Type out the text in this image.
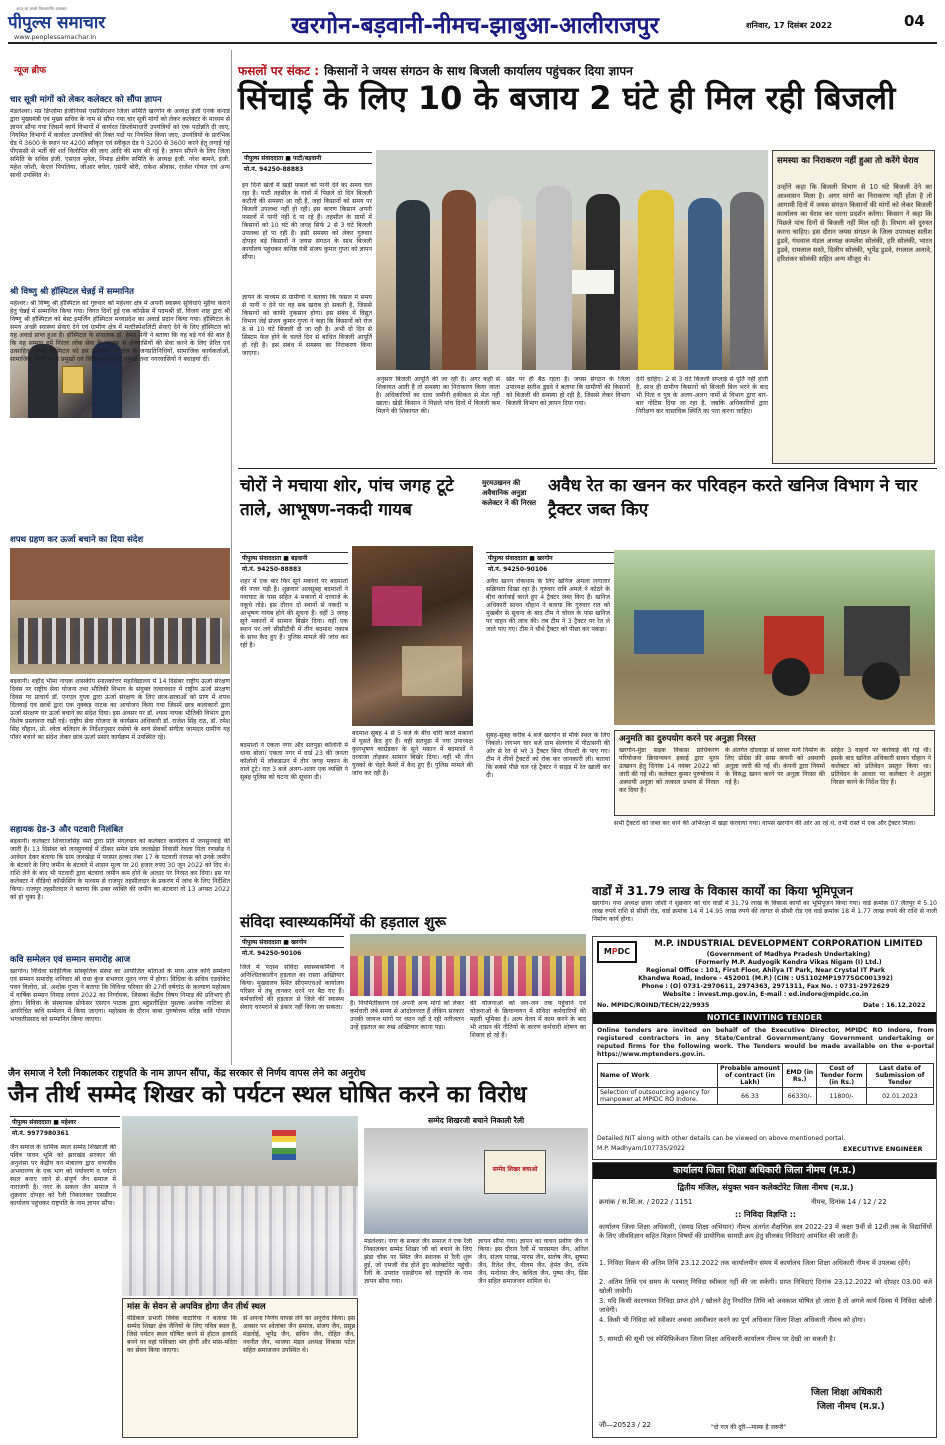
आज का सबसे विश्वसनीय अखबार
पीपुल्स समाचार
www.peoplessamachar.in	खरगोन-बड़वानी-नीमच-झाबुआ-आलीराजपुर	शनिवार, 17 दिसंबर 2022	04
न्यूज ब्रीफ
चार सूत्री मांगों को लेकर कलेक्टर को सौंपा ज्ञापन
मंडलेश्वर। मप्र डिप्लोमा इंजीनियर्स एसोसिएशन जिला समिति खरगोन के अध्यक्ष इंजी एनके कनाडे द्वारा मुख्यमंत्री एवं मुख्य सचिव के नाम से सौंपा गया चार सूत्री मांगों को लेकर कलेक्टर के माध्यम से ज्ञापन सौंपा गया जिसमें कार्य विभागों में कार्यरत डिप्लोमाधारी उपयंत्रियों को एक पदोन्नति दी जाए, नियमित विभागों में कार्यरत उपयंत्रियों की रिक्त पदों पर नियमित किया जाए, उपयंत्रियों के प्रारंभिक ग्रेड पे 3600 के स्थान पर 4200 स्वीकृत एवं स्वीकृत ग्रेड पे 3200 से 3600 करने हेतु लगाई गई पीएससी से भर्ती की शर्त विलोपित की जाए आदि की मांग की गई है। ज्ञापन सौंपने के लिए जिला समिति के सचिव इंजी. एसएल मुवेल, निमाड़ क्षेत्रीय समिति के अध्यक्ष इंजी. नरेश बामने, इंजी. महेश जोशी, केएल पिपलिया, जीआर बघेल, एसपी बोरी, राकेश श्रीवास, राजेश गोयल एवं अन्य साथी उपस्थित थे।
श्री विष्णु श्री हॉस्पिटल चेन्नई में सम्मानित
महेश्वर। श्री विष्णु श्री हॉस्पिटल को गुरुवार को महेश्वर क्षेत्र में अपनी स्वास्थ्य सुविधाएं मुहैया कराने हेतु चेन्नई में सम्मानित किया गया। विगत दिनों हुई एक कॉन्फ्रेंस में पदमश्री डॉ. विजय शाह द्वारा श्री विष्णु श्री हॉस्पिटल को बेस्ट इमर्जिंग हॉस्पिटल मध्यप्रदेश का अवार्ड प्रदान किया गया। हॉस्पिटल के समय अच्छी स्वास्थ्य सेवाएं देने एवं ग्रामीण क्षेत्र में मल्टीस्पेशलिटी सेवाएं देने के लिए हॉस्पिटल को यह अवार्ड प्राप्त हुआ है। हॉस्पिटल के संचालक डॉ. हेमंत सेनी ने बताया कि यह बड़े गर्व की बात है कि यह सम्मान हमें निरंतर लोक सेवा के माध्यम से क्षेत्रवासियों की सेवा करने के लिए प्रेरित एवं उत्साहित करेगा। हॉस्पिटल को इस उपलब्धि पर क्षेत्र के जनप्रतिनिधियों, सामाजिक कार्यकर्ताओं, सामाजिक संस्थाओं के प्रमुखों एवं चिकित्सा क्षेत्र के प्रमुखों तथा नगरवासियों ने बधाइयां दीं।
शपथ ग्रहण कर ऊर्जा बचाने का दिया संदेश
बड़वानी। शहीद भीमा नायक शासकीय स्नातकोत्तर महाविद्यालय में 14 दिसंबर राष्ट्रीय ऊर्जा संरक्षण दिवस पर राष्ट्रीय सेवा योजना तथा भौतिकी विभाग के संयुक्त तत्वावधान में राष्ट्रीय ऊर्जा संरक्षण दिवस पर प्राचार्य डॉ. एनएल गुप्ता द्वारा ऊर्जा संरक्षण के लिए छात्र-छात्राओं को प्राण में शपथ दिलवाई एवं छात्रों द्वारा एक नुक्कड़ नाटक का आयोजन किया गया जिसमें छात्र कलाकारों द्वारा ऊर्जा संरक्षण पर ऊर्जा बचाने का संदेश दिया। इस अवसर पर डॉ. श्याम नायक भौतिकी विभाग द्वारा विशेष प्रस्तावना रखी गई। राष्ट्रीय सेवा योजना के कार्यक्रम अधिकारी डॉ. राजेश सिंह राठ, डॉ. रमेश सिंह चौहान, प्रो. श्वेता बलिदार के निर्देशानुसार रासेयो के स्वयं सेवकों संगीता जामदार ग्रामीण यह पॉवर बचाने का संदेश लेकर छात्र ऊर्जा प्रसार कार्यक्रम में उपस्थित रहे।
सहायक ग्रेड-3 और पटवारी निलंबित
बड़वानी। कलेक्टर शिवराजसिंह वर्मा द्वारा प्रति मंगलवार को कलेक्टर कार्यालय में जनसुनवाई की जाती है। 13 दिसंबर को जनसुनवाई में ठीकर समेत ग्राम जलखेड़ा निवासी रेवला पिता रणछोड़ ने आवेदन देकर बताया कि ग्राम जलखेड़ा में परस्पर हल्का नंबर 17 के पटवारी नरगस को उनके जमीन के बंटवारे के लिए जमीन के बंटवारे में शासन मूल्य पर 20 हजार रुपए 30 जून 2022 को दिए थे। राशि लेने के बाद भी पटवारी द्वारा बंटवारा जमीन कम होने के आधार पर निरस्त कर दिया। इस पर कलेक्टर ने वीडियो कॉन्फ्रेंसिंग के माध्यम से राजपुर तहसीलदार के प्रकरण में जांच के लिए निर्देशित किया। राजपुर तहसीलदार ने बताया कि उक्त व्यक्ति की जमीन का बंटवारा तो 13 अगस्त 2022 को हो चुका है।
कवि सम्मेलन एवं सम्मान समारोह आज
खरगोन। विधिवा साहित्यिक सांस्कृतिक संस्था का आयोजित श्रोताओं के मध्य आज कवि सम्मेलन एवं सम्मान समारोह शनिवार श्री राधा कुंज सभागार नूतन नगर में होगा। विधिवा के सचिव एडवोकेट पवन विलोरा, प्रो. अशोक गुप्ता ने बताया कि विविधा परिवार की 27वीं वर्षगांठ के कल्याण महोत्सव में वार्षिक सम्मान निमाड़ लगान 2022 का निर्णायक, जिसका केंद्रीय विषय निमाड़ की प्रतिभाएं ही होगा। विविधा के संस्थापक प्रोफेसर एसएन पाठक द्वारा बहुप्रतीक्षित पुस्तक अशोक नाटिका से अपरिचित कवि सम्मेलन में किया जाएगा। महोत्सव के दौरान बाबा पुरुषोत्तम वरिष्ठ कवि गोपाल भगवतीप्रसाद को सम्मानित किया जाएगा।
फसलों पर संकट : किसानों ने जयस संगठन के साथ बिजली कार्यालय पहुंचकर दिया ज्ञापन
सिंचाई के लिए 10 के बजाय 2 घंटे ही मिल रही बिजली
पीपुल्स संवाददाता ■ पाटी/बड़वानी
मो.नं. 94250-88883
इन दिनों खेतों में खड़ी फसलें को पानी देने का समय चल रहा है। पाटी तहसील के गांवों में पिछले दो दिन बिजली कटौती की समस्या आ रही है, जहां किसानों को समय पर बिजली उपलब्ध नहीं हो रही। इस कारण किसान अपनी फसलों में पानी नहीं दे पा रहे हैं। तहसील के ग्रामों में किसानों को 10 घंटे की जगह सिर्फ 2 से 3 घंटे बिजली उपलब्ध हो पा रही है। इसी समस्या को लेकर गुरुवार दोपहर बड़े किसानों ने जयस संगठन के साथ बिजली कार्यालय पहुंचकर कनिष्ठ यंत्री संजय कुमार गुप्ता को ज्ञापन सौंपा।
ज्ञापन के माध्यम से ग्रामीणों ने बताया कि फसल में समय से पानी न देने पर वह सब खराब हो सकती है, जिससे किसानों को काफी नुकसान होगा। इस संबंध में विद्युत विभाग जेई संजय कुमार गुप्ता ने कहा कि किसानों को रोज 8 से 10 घंटे बिजली दी जा रही है। अभी दो दिन से सिस्टम फेल होने के चलते दिन से बाधित बिजली आपूर्ति हो रही है। इस संबंध में समस्या का निराकरण किया जाएगा।
अनुसार बिजली आपूर्ति की जा रही है। अगर कहीं से शिकायत आती है तो समस्या का निराकरण किया जाता है। अधिकारियों का दावा जमीनी हकीकत से मेल नहीं खाता। खेड़ी किसान ने पिछले पांच दिनों में बिजली कम मिलने की शिकायत की।
खेत पर ही बैठ रहता है। जयस संगठन के जिला उपाध्यक्ष सतीश डुडवे ने बताया कि ग्रामीणों की किसानों को बिजली की समस्या हो रही है, जिससे लेकर विभाग बिजली विभाग को ज्ञापन दिया गया।
देनी चाहिए। 2 से 3 घंटे बिजली सप्लाई से पूर्ति नहीं होती है, साथ ही ग्रामीण किसानों को बिजली बिल भरने के बाद भी पिता व पुत्र के अलग-अलग नामों से विभाग द्वारा बार-बार नोटिस दिया जा रहा है, जबकि अधिकारियों द्वारा निरीक्षण कर वास्तविक स्थिति का पता करना चाहिए।
समस्या का निराकरण नहीं हुआ तो करेंगे घेराव
उन्होंने कहा कि बिजली विभाग से 10 घंटे बिजली देने का आश्वासन मिला है। अगर मांगों का निराकरण नहीं होता है तो आगामी दिनों में जयस संगठन किसानों की मांगों को लेकर बिजली कार्यालय का घेराव कर धरना प्रदर्शन करेगा। किसान ने कहा कि पिछले पांच दिनों से बिजली नहीं मिल रही है। विभाग को दुरुस्त करना चाहिए। इस दौरान जयस संगठन के जिला उपाध्यक्ष सतीश डुडवे, गंधवाल मंडल अध्यक्ष कमलेश सोलंकी, हरि सोलंकी, भारत डुडवे, रामलाल सस्ते, दिलीप सोलंकी, भूपेंद्र डुडवे, रंगलाल अलावे, हरिशंकर सोलंकी सहित अन्य मौजूद थे।
चोरों ने मचाया शोर, पांच जगह टूटे ताले, आभूषण-नकदी गायब
पीपुल्स संवाददाता ■ बड़वानी
मो.नं. 94250-88883
शहर में एक बार फिर सूने मकानों पर बदमाशों की नजर पड़ी है। शुक्रवार अलसुबह बदमाशों ने नवाघाट के पास सहित 4 मकानों में दरवाजे के नकूचे तोड़े। इस दौरान दो स्थानों से नकदी व आभूषण गायब होने की सूचना है। वहीं 3 जगह सूने मकानों में सामान बिखेर दिया। वहीं एक स्थान पर लगे सीसीटीवी में तीन बदमाश नकाब के साथ कैद हुए हैं। पुलिस मामले की जांच कर रही है।
बदमाशों ने एकता नगर और सतपुड़ा कॉलोनी में धावा बोला। एकता नगर में वार्ड 23 की जनता कॉलोनी में लॉकडाउन में तीन जगह मकान के ताले टूटे। रात 3 बजे अलग-अलग एक व्यक्ति ने सुबह पुलिस को घटना की सूचना दी।
बदमाश सुबह 4 से 5 बजे के बीच चोरी करते मकानों में घुसते कैद हुए हैं। वहीं सतपुड़ा में नया उपाध्यक्ष कुलभूषण काग्रेडकर के सूने मकान में बदमाशों ने दरवाजा तोड़कर सामान बिखेर दिया। वहीं भी तीन युवकों के चेहरे कैमरे में कैद हुए हैं। पुलिस मामले की जांच कर रही है।
मुरमउखनन की अवैधानिक अनुज्ञा कलेक्टर ने की निरस्त
अवैध रेत का खनन कर परिवहन करते खनिज विभाग ने चार ट्रैक्टर जब्त किए
पीपुल्स संवाददाता ■ खरगोन
मो.नं. 94250-90106
अवैध खनन रोकथाम के लिए खनिज अमला लगातार सक्रियता दिखा रहा है। गुरुवार रात्रि अमले ने कोठरे के बीच कार्रवाई करते हुए 4 ट्रैक्टर जब्त किए हैं। खनिज अधिकारी सावन चौहान ने बताया कि गुरुवार रात को मुखबीर से सूचना के बाद टीम ने चोरल के पास खनिज पर वाहन की जांच की। तब टीम ने 3 ट्रैक्टर पर रेत ले जाते पाए गए। टीम ने चौथे ट्रैक्टर को पीछा कर पकड़ा।
अनुमति का दुरुपयोग करने पर अनुज्ञा निरस्त
खरगोन-मुंडा सड़क विकास प्राधिकरण परियोजना क्रियान्वयन इकाई द्वारा मुरम उत्खनन हेतु दिनांक 14 नवंबर 2022 को जारी की गई थी। कलेक्टर कुमार पुरुषोत्तम ने अस्थायी अनुज्ञा को तत्काल प्रभाव से निरस्त कर दिया है।
के अंतर्गत दोंदवाड़ा से सरवर मार्ग निर्माण के लिए प्रोग्रेस फ्री सास कंपनी को अस्थायी अनुज्ञा जारी की गई थी। कंपनी द्वारा नियमों के विरुद्ध खनन करने पर अनुज्ञा निरस्त की गई है।
सहित 3 वाहनों पर कार्रवाई की गई थी। इसके बाद खनिज अधिकारी सावन चौहान ने कलेक्टर को प्रतिवेदन प्रस्तुत किया था। प्रतिवेदन के आधार पर कलेक्टर ने अनुज्ञा निरस्त करने के निर्देश दिए हैं।
सुबह-सुबह करीब 4 बजे खरगोन से मौके स्थल के लिए निकले। लगभग चार बजे ग्राम सेलगांव में पीठासनी की ओर से रेत से भरे 3 ट्रैक्टर बिना रॉयल्टी के पाए गए। टीम ने तीनों ट्रैक्टरों को रोक कर जानकारी ली। बताया कि सबसे पीछे चल रहे ट्रैक्टर ने साइड में रेत खाली कर दी।
सभी ट्रैक्टरों को जब्त कर थाने की अभिरक्षा में खड़ा करवाया गया। वापस खरगोन की ओर आ रहे थे, तभी रास्ते में एक और ट्रैक्टर मिला।
वार्डों में 31.79 लाख के विकास कार्यों का किया भूमिपूजन
खरगोन। नपा अध्यक्ष छाया जोशी ने शुक्रवार को चार वार्डों में 31.79 लाख के विकास कार्यों का भूमिपूजन किया गया। वार्ड क्रमांक 07 जैतपुर में 5.10 लाख रुपये राशि से सीसी रोड, वार्ड क्रमांक 14 में 14.95 लाख रुपये की लागत से सीसी रोड एवं वार्ड क्रमांक 18 में 1.77 लाख रुपये की राशि से नाली निर्माण कार्य होगा।
संविदा स्वास्थ्यकर्मियों की हड़ताल शुरू
पीपुल्स संवाददाता ■ खरगोन
मो.नं. 94250-90106
जिले में पदस्थ संविदा स्वास्थ्यकर्मियों ने अनिश्चितकालीन हड़ताल का रास्ता अख्तियार किया। मुख्यालय स्थित सीएमएचओ कार्यालय परिसर में तंबू तानकर धरने पर बैठ गए हैं। कर्मचारियों की हड़ताल से जिले की स्वास्थ्य सेवाएं चरमराने से इंकार नहीं किया जा सकता।
हैं। नियमितीकरण एवं अपनी अन्य मांगों को लेकर कर्मचारी लंबे समय से आंदोलनरत हैं लेकिन सरकार उनकी जायज मांगों पर ध्यान नहीं दे रही नतीजतन उन्हें हड़ताल का रुख अख्तियार करना पड़ा।
की योजनाओं को जन-जन तक पहुंचाने एवं योजनाओं के क्रियान्वयन में संविदा कर्मचारियों की महती भूमिका है। अल्प वेतन में काम करने के बाद भी शासन की नीतियों के कारण कर्मचारी शोषण का शिकार हो रहे हैं।
MPDC
M.P. INDUSTRIAL DEVELOPMENT CORPORATION LIMITED
(Government of Madhya Pradesh Undertaking)
(Formerly M.P. Audyogik Kendra Vikas Nigam (I) Ltd.)
Regional Office : 101, First Floor, Ahilya IT Park, Near Crystal IT Park
Khandwa Road, Indore - 452001 (M.P.) (CIN : U51102MP1977SGC001392)
Phone : (O) 0731-2970611, 2974363, 2971311, Fax No. : 0731-2972629
Website : invest.mp.gov.in, E-mail : ed.indore@mpidc.co.in
No. MPIDC/ROIND/TECH/22/9935	Date : 16.12.2022
NOTICE INVITING TENDER
Online tenders are invited on behalf of the Executive Director, MPIDC RO Indore, from registered contractors in any State/Central Government/any Government undertaking or reputed firms for the following work. The Tenders would be made available on the e-portal https://www.mptenders.gov.in.
Name of Work	Probable amount of contract (in Lakh)	EMD (in Rs.)	Cost of Tender form (in Rs.)	Last date of Submission of Tender
Selection of outsourcing agency for manpower at MPIDC RO Indore.	66.33	66330/-	11800/-	02.01.2023
Detailed NIT along with other details can be viewed on above mentioned portal.
M.P. Madhyam/107735/2022	EXECUTIVE ENGINEER
जैन समाज ने रैली निकालकर राष्ट्रपति के नाम ज्ञापन सौंपा, केंद्र सरकार से निर्णय वापस लेने का अनुरोध
जैन तीर्थ सम्मेद शिखर को पर्यटन स्थल घोषित करने का विरोध
पीपुल्स संवाददाता ■ महेश्वर
मो.नं. 9977980361
जैन समाज के धार्मिक स्थल सम्मेद शिखरजी की पवित्र पावन भूमि को झारखंड सरकार की अनुशंसा पर केंद्रीय वन मंत्रालय द्वारा वन्यजीव अभयारण्य के एक भाग को पर्यावरण व पर्यटन स्थल बनाए जाने से संपूर्ण जैन समाज में नाराजगी है। नगर के सकल जैन समाज ने शुक्रवार दोपहर को रैली निकालकर एसडीएम कार्यालय पहुंचकर राष्ट्रपति के नाम ज्ञापन सौंपा।
सम्मेद शिखरजी बचाने निकाली रैली
सम्मेद शिखर बचाओ
मांस के सेवन से अपवित्र होगा जैन तीर्थ स्थल
मेडिकल प्रभारी विवेक कटारिया ने बताया कि सम्मेद शिखर क्षेत्र जैनियों के लिए पवित्र स्थल है, जिसे पर्यटन स्थल घोषित करने से होटल इत्यादि बनने पर वहां पवित्रता भंग होगी और मांस-मदिरा का सेवन किया जाएगा।
से अपना निर्णय वापस लेने का अनुरोध किया। इस अवसर पर श्वेतांबर जैन समाज, संजय जैन, प्रसुन्न मंडलोई, भूपेंद्र जैन, सचिन जैन, रोहित जैन, नवनीत जैन, भाजपा मंडल अध्यक्ष विकास पटेल सहित समाजजन उपस्थित थे।
मंडलेश्वर। नगर के सकल जैन समाज ने एक रैली निकालकर सम्मेद शिखर जी को बचाने के लिए झंडा चौक पर स्थित जैन स्थानक से रैली शुरू हुई, जो एमजी रोड होते हुए कलेक्टोरेट पहुंची। रैली के उपरांत एसडीएम को राष्ट्रपति के नाम ज्ञापन सौंपा गया।
ज्ञापन सौंपा गया। ज्ञापन का वाचन प्रवीण जैन ने किया। इस दौरान रैली में पारसमल जैन, अनिल जैन, संजय पारख, पारस जैन, संतोष जैन, सुषमा जैन, रितेश जैन, नीलम जैन, हेमंत जैन, रश्मि जैन, मनोरमा जैन, कविता जैन, पुष्पा जैन, प्रिंस जैन सहित समाजजन शामिल थे।
कार्यालय जिला शिक्षा अधिकारी जिला नीमच (म.प्र.)
द्वितीय मंजिल, संयुक्त भवन कलेक्टोरेट जिला नीमच (म.प्र.)
क्रमांक / स.शि.अ. / 2022 / 1151	नीमच, दिनांक 14 / 12 / 22
:: निविदा विज्ञप्ति ::
कार्यालय जिला शिक्षा अधिकारी, (समग्र शिक्षा अभियान) नीमच अंतर्गत शैक्षणिक सत्र 2022-23 में कक्षा 9वीं से 12वीं तक के विद्यार्थियों के लिए जीवविज्ञान सहित विज्ञान विषयों की प्रायोगिक सामग्री क्रय हेतु सीलबंद निविदाएं आमंत्रित की जाती हैं।
1. निविदा विक्रय की अंतिम तिथि 23.12.2022 तक कार्यालयीन समय में कार्यालय जिला शिक्षा अधिकारी नीमच में उपलब्ध रहेंगे।
2. अंतिम तिथि एवं समय के पश्चात् निविदा स्वीकार नहीं की जा सकेगी। प्राप्त निविदाएं दिनांक 23.12.2022 को दोपहर 03.00 बजे खोली जावेगी।
3. यदि किसी कारणवश निविदा प्राप्त होने / खोलने हेतु निर्धारित तिथि को अवकाश घोषित हो जाता है तो अगले कार्य दिवस में निविदा खोली जावेगी।
4. किसी भी निविदा को स्वीकार अथवा अस्वीकार करने का पूर्ण अधिकार जिला शिक्षा अधिकारी नीमच को होगा।
5. सामग्री की सूची एवं स्पेसिफिकेशन जिला शिक्षा अधिकारी कार्यालय नीमच पर देखी जा सकती है।
जिला शिक्षा अधिकारी
जिला नीमच (म.प्र.)
जी—20523 / 22	"दो गज की दूरी—मास्क है जरूरी"
